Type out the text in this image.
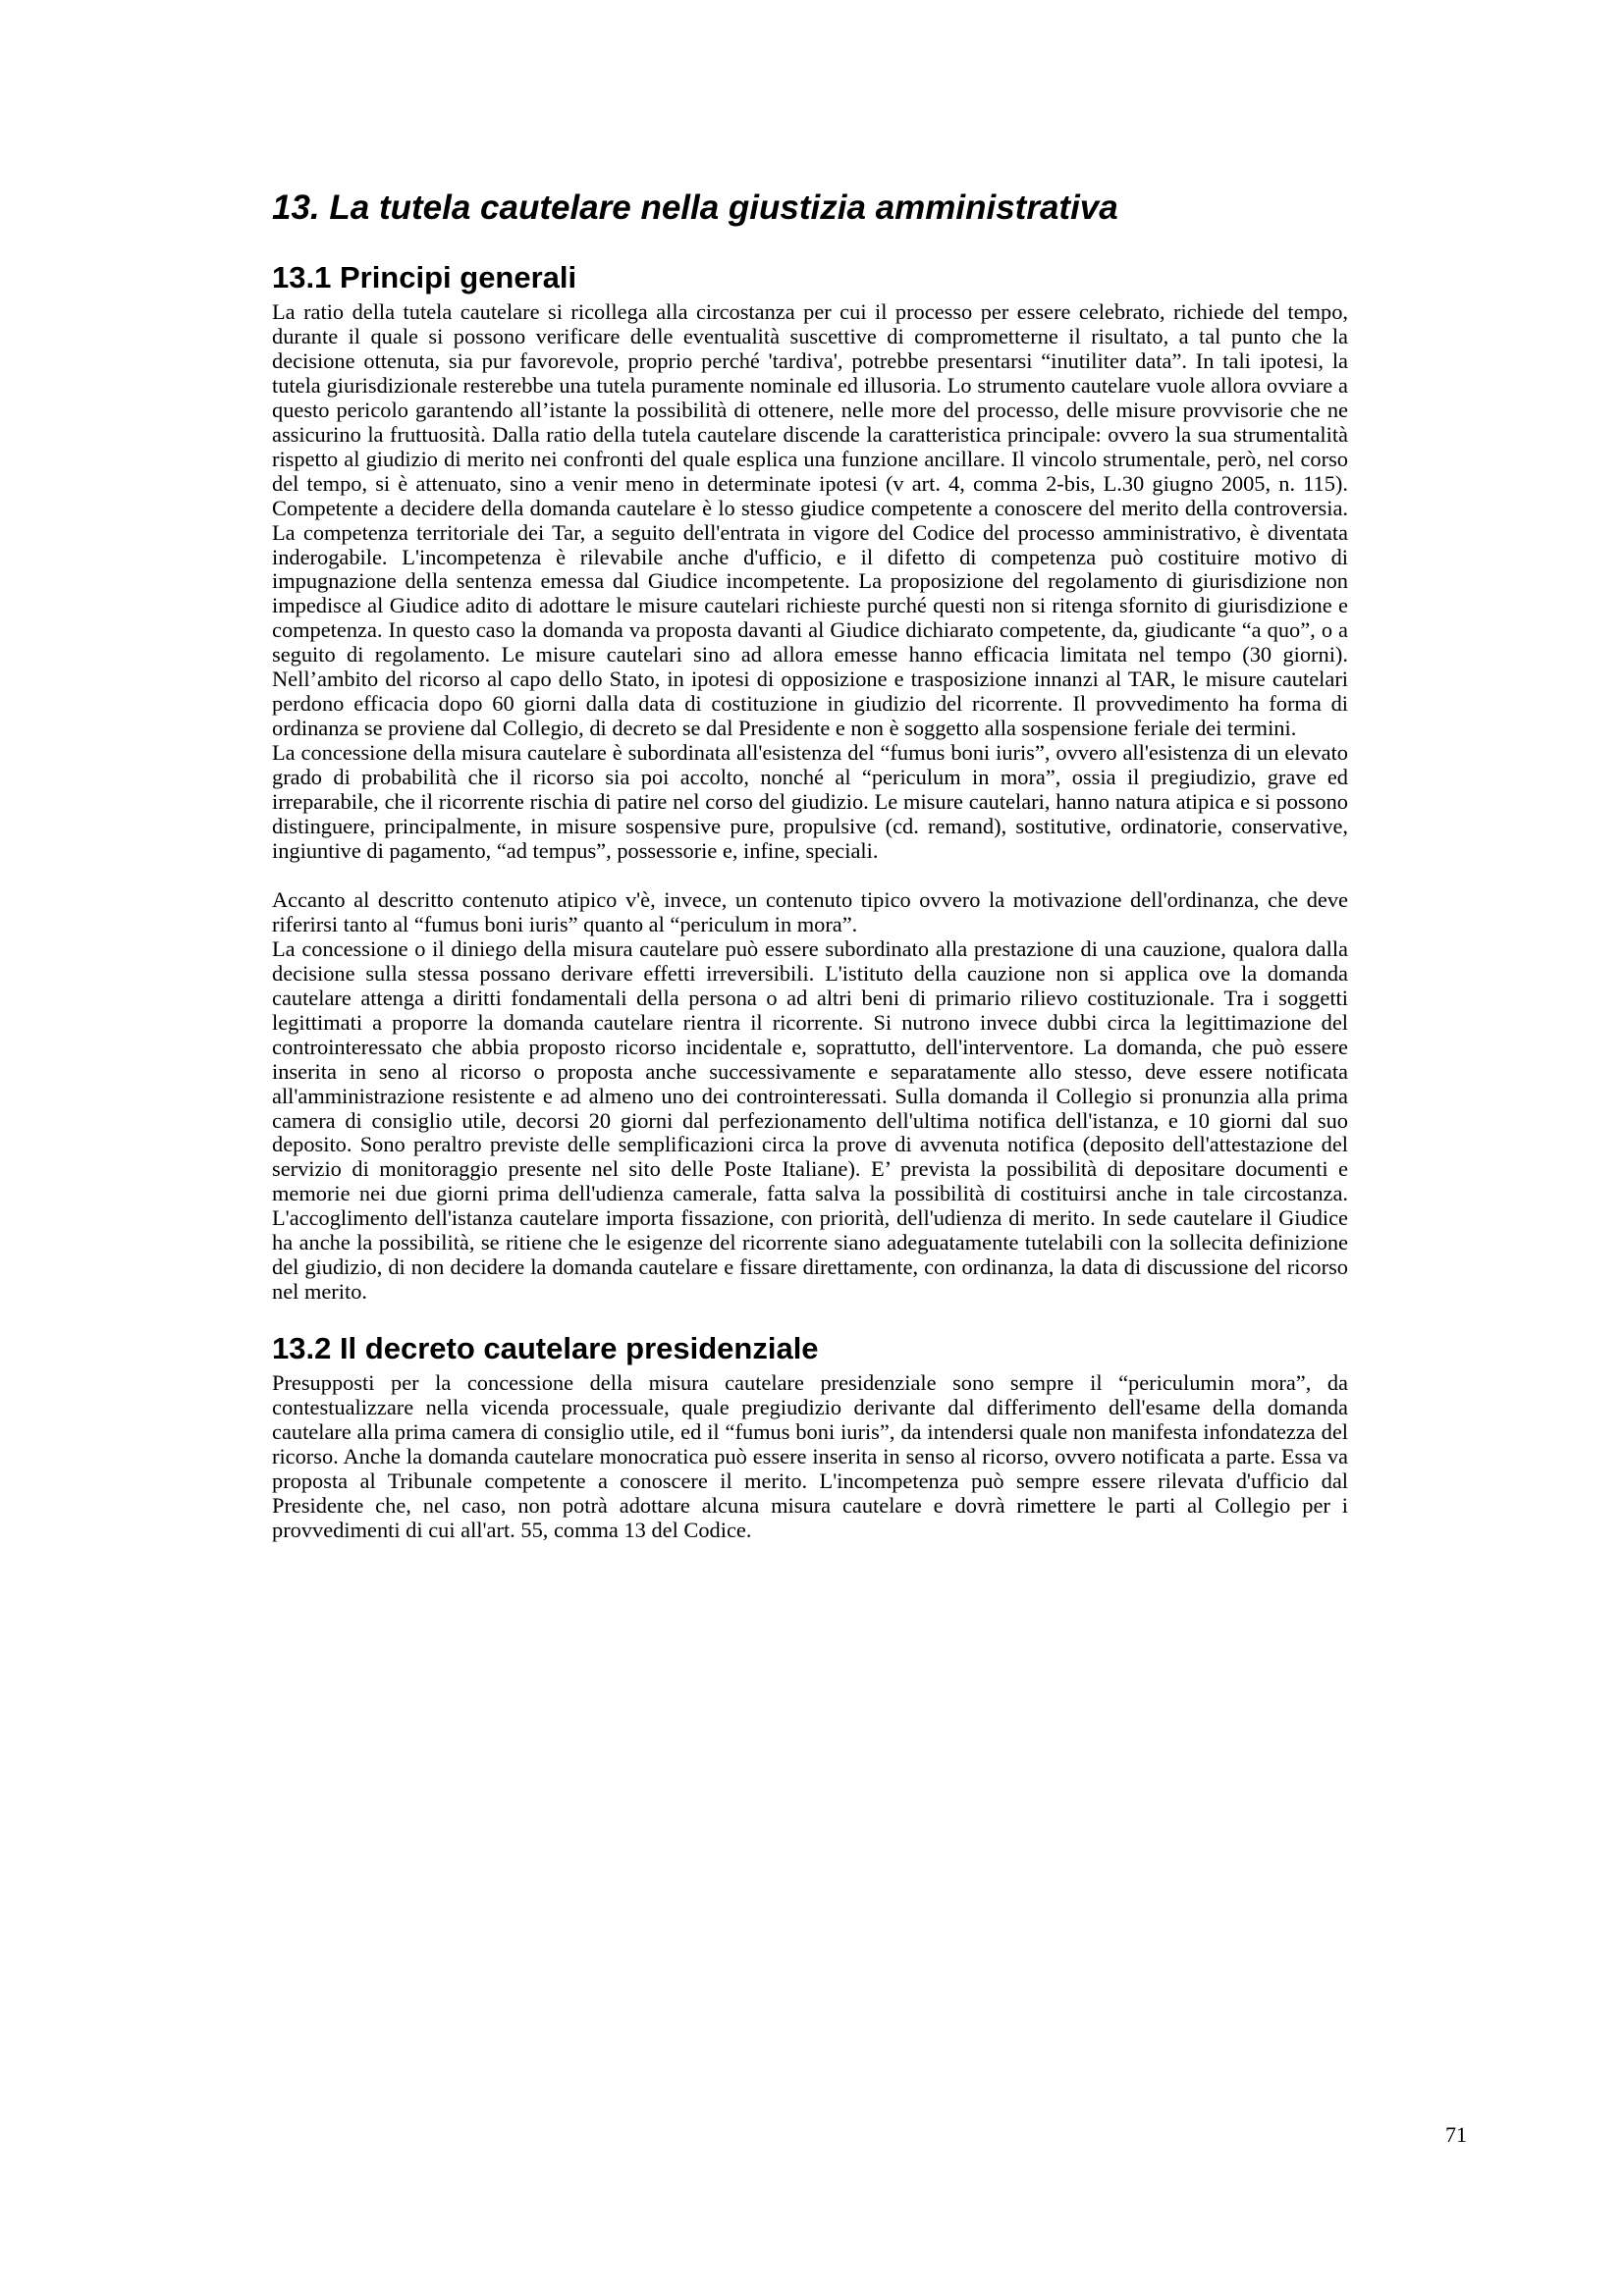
13. La tutela cautelare nella giustizia amministrativa
13.1 Principi generali

La ratio della tutela cautelare si ricollega alla circostanza per cui il processo per essere celebrato, richiede del tempo, durante il quale si possono verificare delle eventualità suscettive di comprometterne il risultato, a tal punto che la decisione ottenuta, sia pur favorevole, proprio perché 'tardiva', potrebbe presentarsi “inutiliter data”. In tali ipotesi, la tutela giurisdizionale resterebbe una tutela puramente nominale ed illusoria. Lo strumento cautelare vuole allora ovviare a questo pericolo garantendo all’istante la possibilità di ottenere, nelle more del processo, delle misure provvisorie che ne assicurino la fruttuosità. Dalla ratio della tutela cautelare discende la caratteristica principale: ovvero la sua strumentalità rispetto al giudizio di merito nei confronti del quale esplica una funzione ancillare. Il vincolo strumentale, però, nel corso del tempo, si è attenuato, sino a venir meno in determinate ipotesi (v art. 4, comma 2-bis, L.30 giugno 2005, n. 115). Competente a decidere della domanda cautelare è lo stesso giudice competente a conoscere del merito della controversia. La competenza territoriale dei Tar, a seguito dell'entrata in vigore del Codice del processo amministrativo, è diventata inderogabile. L'incompetenza è rilevabile anche d'ufficio, e il difetto di competenza può costituire motivo di impugnazione della sentenza emessa dal Giudice incompetente. La proposizione del regolamento di giurisdizione non impedisce al Giudice adito di adottare le misure cautelari richieste purché questi non si ritenga sfornito di giurisdizione e competenza. In questo caso la domanda va proposta davanti al Giudice dichiarato competente, da, giudicante “a quo”, o a seguito di regolamento. Le misure cautelari sino ad allora emesse hanno efficacia limitata nel tempo (30 giorni). Nell’ambito del ricorso al capo dello Stato, in ipotesi di opposizione e trasposizione innanzi al TAR, le misure cautelari perdono efficacia dopo 60 giorni dalla data di costituzione in giudizio del ricorrente. Il provvedimento ha forma di ordinanza se proviene dal Collegio, di decreto se dal Presidente e non è soggetto alla sospensione feriale dei termini.

La concessione della misura cautelare è subordinata all'esistenza del “fumus boni iuris”, ovvero all'esistenza di un elevato grado di probabilità che il ricorso sia poi accolto, nonché al “periculum in mora”, ossia il pregiudizio, grave ed irreparabile, che il ricorrente rischia di patire nel corso del giudizio. Le misure cautelari, hanno natura atipica e si possono distinguere, principalmente, in misure sospensive pure, propulsive (cd. remand), sostitutive, ordinatorie, conservative, ingiuntive di pagamento, “ad tempus”, possessorie e, infine, speciali.

Accanto al descritto contenuto atipico v'è, invece, un contenuto tipico ovvero la motivazione dell'ordinanza, che deve riferirsi tanto al “fumus boni iuris” quanto al “periculum in mora”.

La concessione o il diniego della misura cautelare può essere subordinato alla prestazione di una cauzione, qualora dalla decisione sulla stessa possano derivare effetti irreversibili. L'istituto della cauzione non si applica ove la domanda cautelare attenga a diritti fondamentali della persona o ad altri beni di primario rilievo costituzionale. Tra i soggetti legittimati a proporre la domanda cautelare rientra il ricorrente. Si nutrono invece dubbi circa la legittimazione del controinteressato che abbia proposto ricorso incidentale e, soprattutto, dell'interventore. La domanda, che può essere inserita in seno al ricorso o proposta anche successivamente e separatamente allo stesso, deve essere notificata all'amministrazione resistente e ad almeno uno dei controinteressati. Sulla domanda il Collegio si pronunzia alla prima camera di consiglio utile, decorsi 20 giorni dal perfezionamento dell'ultima notifica dell'istanza, e 10 giorni dal suo deposito. Sono peraltro previste delle semplificazioni circa la prove di avvenuta notifica (deposito dell'attestazione del servizio di monitoraggio presente nel sito delle Poste Italiane). E’ prevista la possibilità di depositare documenti e memorie nei due giorni prima dell'udienza camerale, fatta salva la possibilità di costituirsi anche in tale circostanza. L'accoglimento dell'istanza cautelare importa fissazione, con priorità, dell'udienza di merito. In sede cautelare il Giudice ha anche la possibilità, se ritiene che le esigenze del ricorrente siano adeguatamente tutelabili con la sollecita definizione del giudizio, di non decidere la domanda cautelare e fissare direttamente, con ordinanza, la data di discussione del ricorso nel merito.

13.2 Il decreto cautelare presidenziale

Presupposti per la concessione della misura cautelare presidenziale sono sempre il “periculumin mora”, da contestualizzare nella vicenda processuale, quale pregiudizio derivante dal differimento dell'esame della domanda cautelare alla prima camera di consiglio utile, ed il “fumus boni iuris”, da intendersi quale non manifesta infondatezza del ricorso. Anche la domanda cautelare monocratica può essere inserita in senso al ricorso, ovvero notificata a parte. Essa va proposta al Tribunale competente a conoscere il merito. L'incompetenza può sempre essere rilevata d'ufficio dal Presidente che, nel caso, non potrà adottare alcuna misura cautelare e dovrà rimettere le parti al Collegio per i provvedimenti di cui all'art. 55, comma 13 del Codice.

71
